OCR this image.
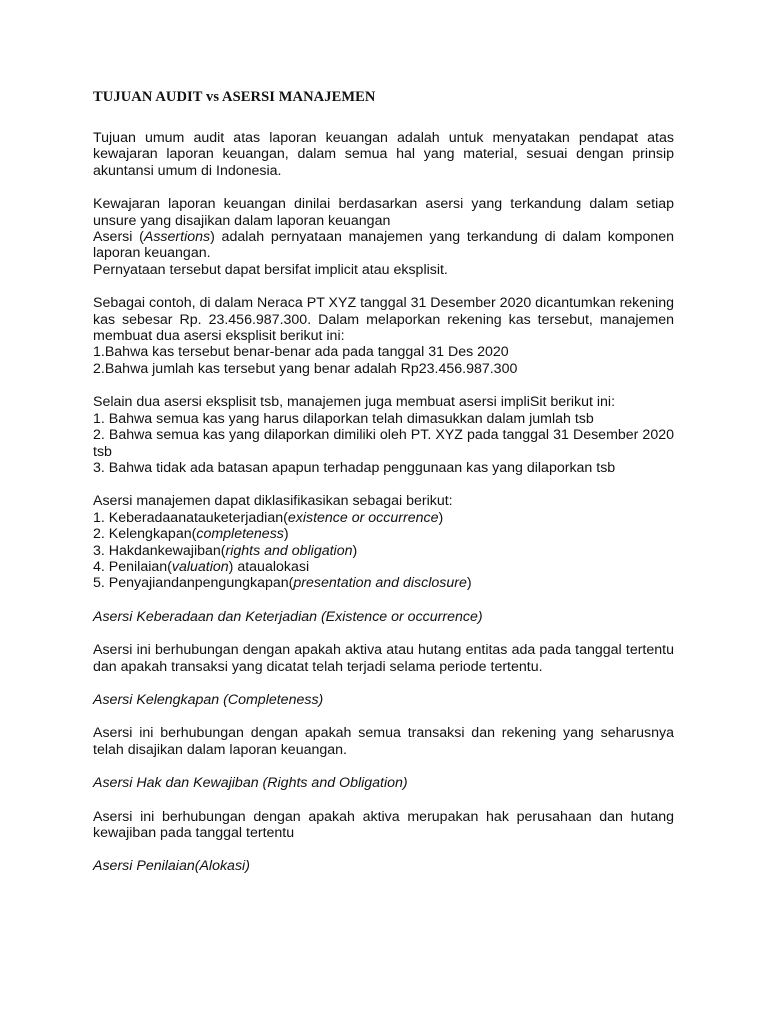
TUJUAN AUDIT vs ASERSI MANAJEMEN

Tujuan umum audit atas laporan keuangan adalah untuk menyatakan pendapat atas kewajaran laporan keuangan, dalam semua hal yang material, sesuai dengan prinsip akuntansi umum di Indonesia.

Kewajaran laporan keuangan dinilai berdasarkan asersi yang terkandung dalam setiap unsure yang disajikan dalam laporan keuangan

Asersi (Assertions) adalah pernyataan manajemen yang terkandung di dalam komponen laporan keuangan.

Pernyataan tersebut dapat bersifat implicit atau eksplisit.

Sebagai contoh, di dalam Neraca PT XYZ tanggal 31 Desember 2020 dicantumkan rekening kas sebesar Rp. 23.456.987.300. Dalam melaporkan rekening kas tersebut, manajemen membuat dua asersi eksplisit berikut ini:

1.Bahwa kas tersebut benar-benar ada pada tanggal 31 Des 2020

2.Bahwa jumlah kas tersebut yang benar adalah Rp23.456.987.300

Selain dua asersi eksplisit tsb, manajemen juga membuat asersi impliSit berikut ini:

1. Bahwa semua kas yang harus dilaporkan telah dimasukkan dalam jumlah tsb

2. Bahwa semua kas yang dilaporkan dimiliki oleh PT. XYZ pada tanggal 31 Desember 2020 tsb

3. Bahwa tidak ada batasan apapun terhadap penggunaan kas yang dilaporkan tsb

Asersi manajemen dapat diklasifikasikan sebagai berikut:

1. Keberadaanatauketerjadian(existence or occurrence)

2. Kelengkapan(completeness)

3. Hakdankewajiban(rights and obligation)

4. Penilaian(valuation) ataualokasi

5. Penyajiandanpengungkapan(presentation and disclosure)

Asersi Keberadaan dan Keterjadian (Existence or occurrence)

Asersi ini berhubungan dengan apakah aktiva atau hutang entitas ada pada tanggal tertentu dan apakah transaksi yang dicatat telah terjadi selama periode tertentu.

Asersi Kelengkapan (Completeness)

Asersi ini berhubungan dengan apakah semua transaksi dan rekening yang seharusnya telah disajikan dalam laporan keuangan.

Asersi Hak dan Kewajiban (Rights and Obligation)

Asersi ini berhubungan dengan apakah aktiva merupakan hak perusahaan dan hutang kewajiban pada tanggal tertentu

Asersi Penilaian(Alokasi)
